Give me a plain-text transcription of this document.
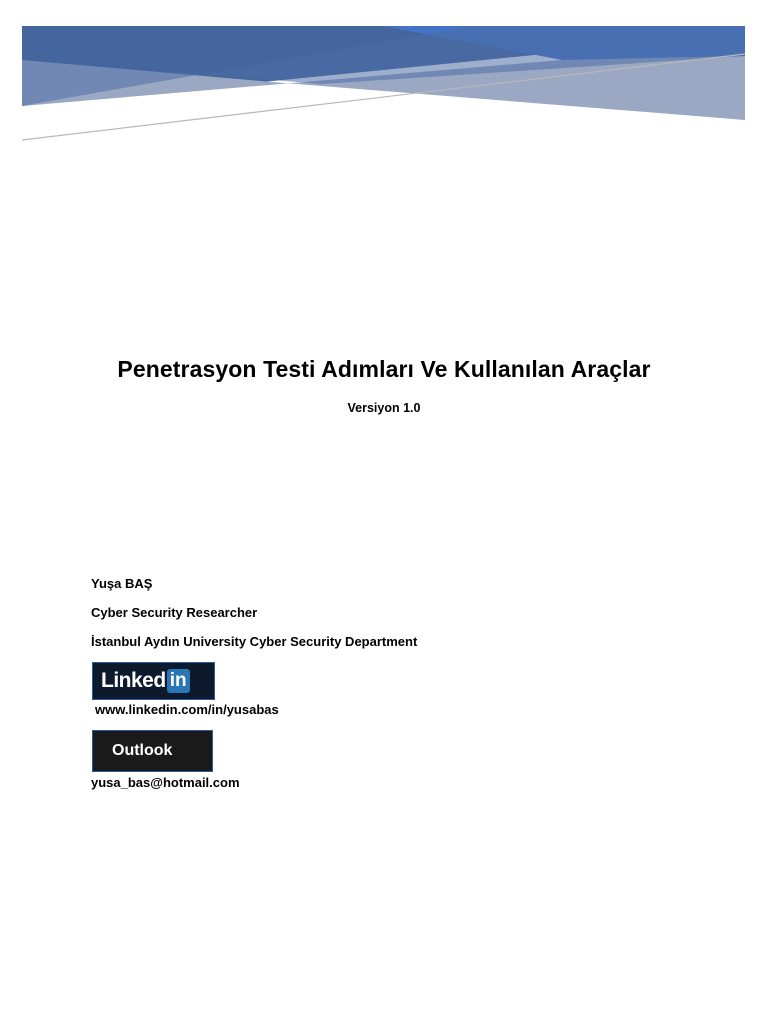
Penetrasyon Testi Adımları Ve Kullanılan Araçlar
Versiyon 1.0
Yuşa BAŞ
Cyber Security Researcher
İstanbul Aydın University Cyber Security Department
Linked in
www.linkedin.com/in/yusabas
Outlook
yusa_bas@hotmail.com
